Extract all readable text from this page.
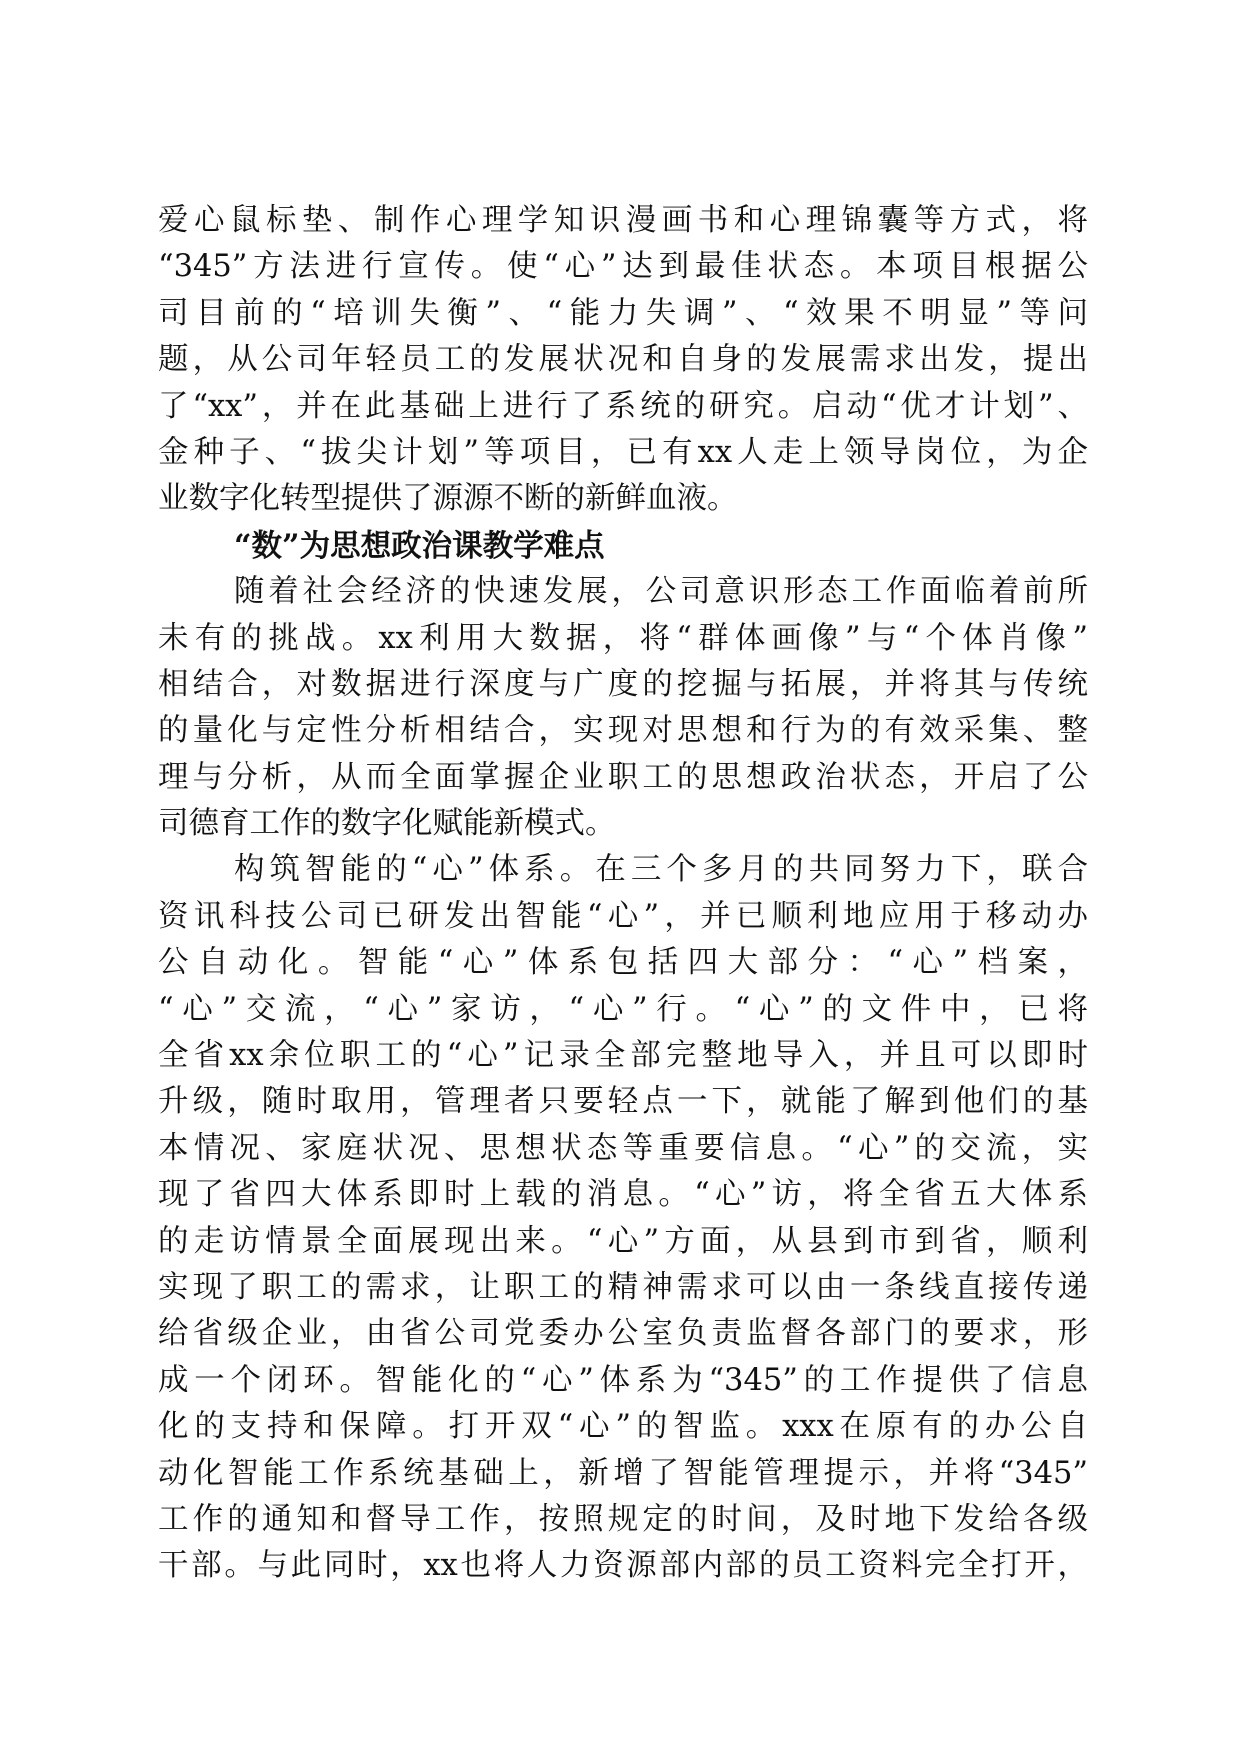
爱心鼠标垫、制作心理学知识漫画书和心理锦囊等方式，将
“345”方法进行宣传。使“心”达到最佳状态。本项目根据公
司目前的“培训失衡”、“能力失调”、“效果不明显”等问
题，从公司年轻员工的发展状况和自身的发展需求出发，提出
了“xx”，并在此基础上进行了系统的研究。启动“优才计划”、
金种子、“拔尖计划”等项目，已有xx人走上领导岗位，为企
业数字化转型提供了源源不断的新鲜血液。
“数”为思想政治课教学难点
随着社会经济的快速发展，公司意识形态工作面临着前所
未有的挑战。xx利用大数据，将“群体画像”与“个体肖像”
相结合，对数据进行深度与广度的挖掘与拓展，并将其与传统
的量化与定性分析相结合，实现对思想和行为的有效采集、整
理与分析，从而全面掌握企业职工的思想政治状态，开启了公
司德育工作的数字化赋能新模式。
构筑智能的“心”体系。在三个多月的共同努力下，联合
资讯科技公司已研发出智能“心”，并已顺利地应用于移动办
公自动化。智能“心”体系包括四大部分：“心”档案，
“心”交流，“心”家访，“心”行。“心”的文件中，已将
全省xx余位职工的“心”记录全部完整地导入，并且可以即时
升级，随时取用，管理者只要轻点一下，就能了解到他们的基
本情况、家庭状况、思想状态等重要信息。“心”的交流，实
现了省四大体系即时上载的消息。“心”访，将全省五大体系
的走访情景全面展现出来。“心”方面，从县到市到省，顺利
实现了职工的需求，让职工的精神需求可以由一条线直接传递
给省级企业，由省公司党委办公室负责监督各部门的要求，形
成一个闭环。智能化的“心”体系为“345”的工作提供了信息
化的支持和保障。打开双“心”的智监。xxx在原有的办公自
动化智能工作系统基础上，新增了智能管理提示，并将“345”
工作的通知和督导工作，按照规定的时间，及时地下发给各级
干部。与此同时，xx也将人力资源部内部的员工资料完全打开，
